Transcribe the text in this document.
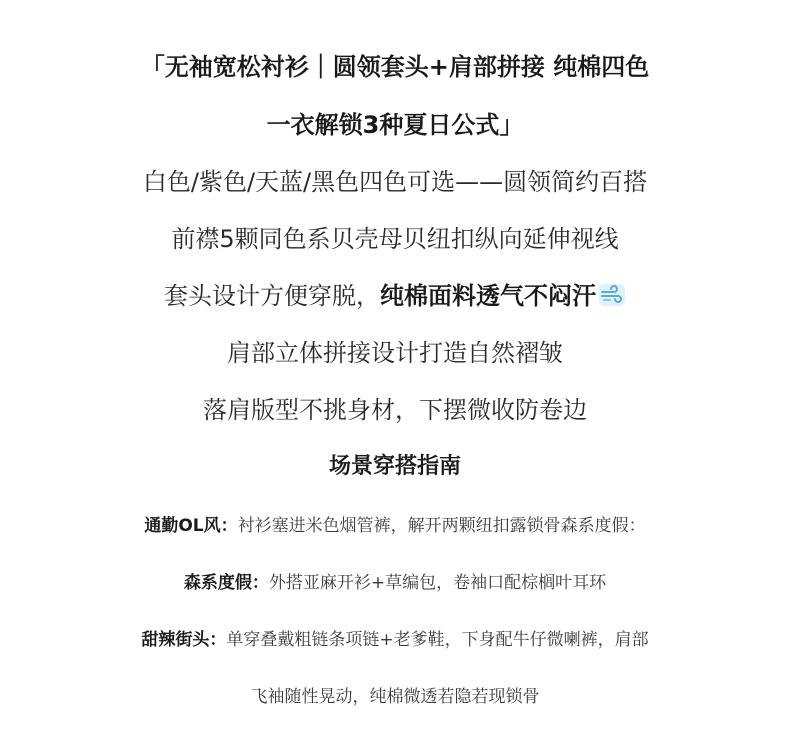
「无袖宽松衬衫｜圆领套头+肩部拼接 纯棉四色
一衣解锁3种夏日公式」
白色/紫色/天蓝/黑色四色可选——圆领简约百搭
前襟5颗同色系贝壳母贝纽扣纵向延伸视线
套头设计方便穿脱，纯棉面料透气不闷汗
肩部立体拼接设计打造自然褶皱
落肩版型不挑身材，下摆微收防卷边
场景穿搭指南
通勤OL风：衬衫塞进米色烟管裤，解开两颗纽扣露锁骨森系度假：
森系度假：外搭亚麻开衫+草编包，卷袖口配棕榈叶耳环
甜辣街头：单穿叠戴粗链条项链+老爹鞋，下身配牛仔微喇裤，肩部
飞袖随性晃动，纯棉微透若隐若现锁骨
